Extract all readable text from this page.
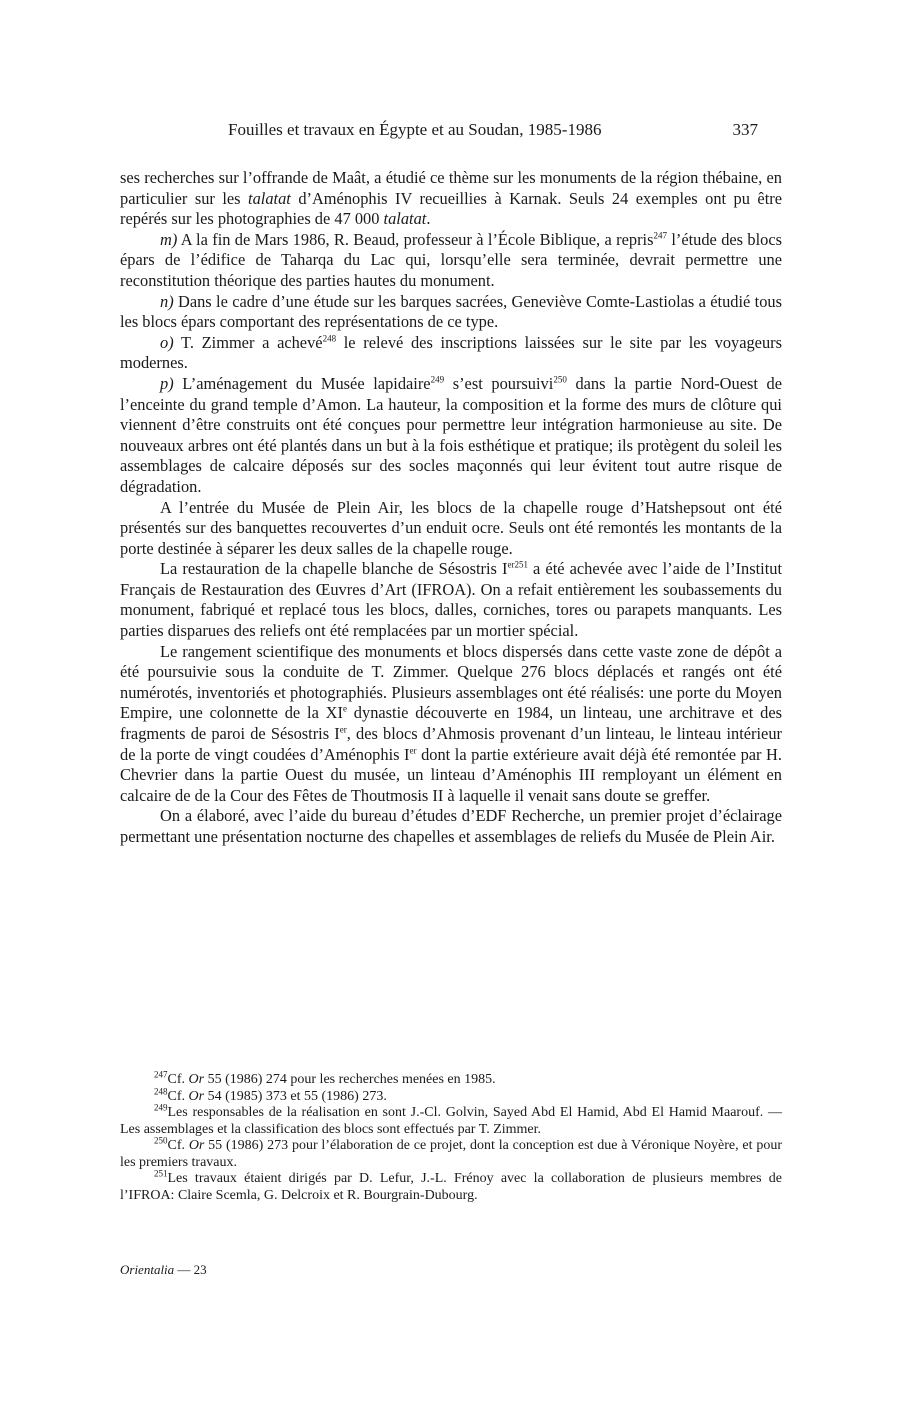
Fouilles et travaux en Égypte et au Soudan, 1985-1986	337

ses recherches sur l’offrande de Maât, a étudié ce thème sur les monuments de la région thébaine, en particulier sur les talatat d’Aménophis IV recueillies à Karnak. Seuls 24 exemples ont pu être repérés sur les photographies de 47 000 talatat.

m) A la fin de Mars 1986, R. Beaud, professeur à l’École Biblique, a repris$^{247}$ l’étude des blocs épars de l’édifice de Taharqa du Lac qui, lorsqu’elle sera terminée, devrait permettre une reconstitution théorique des parties hautes du monument.

n) Dans le cadre d’une étude sur les barques sacrées, Geneviève Comte-Lastiolas a étudié tous les blocs épars comportant des représentations de ce type.

o) T. Zimmer a achevé$^{248}$ le relevé des inscriptions laissées sur le site par les voyageurs modernes.

p) L’aménagement du Musée lapidaire$^{249}$ s’est poursuivi$^{250}$ dans la partie Nord-Ouest de l’enceinte du grand temple d’Amon. La hauteur, la composition et la forme des murs de clôture qui viennent d’être construits ont été conçues pour permettre leur intégration harmonieuse au site. De nouveaux arbres ont été plantés dans un but à la fois esthétique et pratique; ils protègent du soleil les assemblages de calcaire déposés sur des socles maçonnés qui leur évitent tout autre risque de dégradation.

A l’entrée du Musée de Plein Air, les blocs de la chapelle rouge d’Hatshepsout ont été présentés sur des banquettes recouvertes d’un enduit ocre. Seuls ont été remontés les montants de la porte destinée à séparer les deux salles de la chapelle rouge.

La restauration de la chapelle blanche de Sésostris $I^{er251}$ a été achevée avec l’aide de l’Institut Français de Restauration des Œuvres d’Art (IFROA). On a refait entièrement les soubassements du monument, fabriqué et replacé tous les blocs, dalles, corniches, tores ou parapets manquants. Les parties disparues des reliefs ont été remplacées par un mortier spécial.

Le rangement scientifique des monuments et blocs dispersés dans cette vaste zone de dépôt a été poursuivie sous la conduite de T. Zimmer. Quelque 276 blocs déplacés et rangés ont été numérotés, inventoriés et photographiés. Plusieurs assemblages ont été réalisés: une porte du Moyen Empire, une colonnette de la XIe dynastie découverte en 1984, un linteau, une architrave et des fragments de paroi de Sésostris Ier, des blocs d’Ahmosis provenant d’un linteau, le linteau intérieur de la porte de vingt coudées d’Aménophis Ier dont la partie extérieure avait déjà été remontée par H. Chevrier dans la partie Ouest du musée, un linteau d’Aménophis III remployant un élément en calcaire de de la Cour des Fêtes de Thoutmosis II à laquelle il venait sans doute se greffer.

On a élaboré, avec l’aide du bureau d’études d’EDF Recherche, un premier projet d’éclairage permettant une présentation nocturne des chapelles et assemblages de reliefs du Musée de Plein Air.

$^{247}$Cf. Or 55 (1986) 274 pour les recherches menées en 1985.

$^{248}$Cf. Or 54 (1985) 373 et 55 (1986) 273.

$^{249}$Les responsables de la réalisation en sont J.-Cl. Golvin, Sayed Abd El Hamid, Abd El Hamid Maarouf. — Les assemblages et la classification des blocs sont effectués par T. Zimmer.

$^{250}$Cf. Or 55 (1986) 273 pour l’élaboration de ce projet, dont la conception est due à Véronique Noyère, et pour les premiers travaux.

$^{251}$Les travaux étaient dirigés par D. Lefur, J.-L. Frénoy avec la collaboration de plusieurs membres de l’IFROA: Claire Scemla, G. Delcroix et R. Bourgrain-Dubourg.

Orientalia — 23
